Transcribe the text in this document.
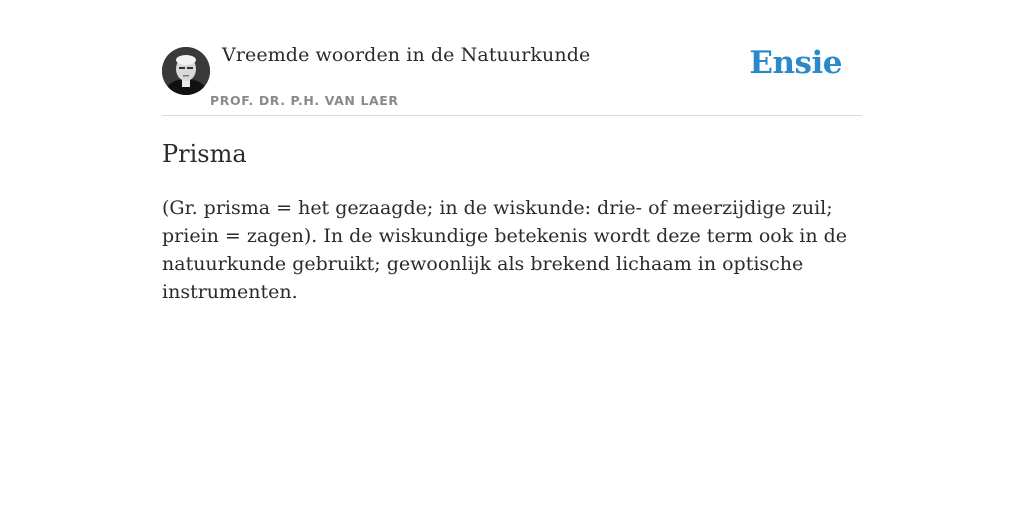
Vreemde woorden in de Natuurkunde
PROF. DR. P.H. VAN LAER
Ensie
Prisma

(Gr. prisma = het gezaagde; in de wiskunde: drie- of meerzijdige zuil; priein = zagen). In de wiskundige betekenis wordt deze term ook in de natuurkunde gebruikt; gewoonlijk als brekend lichaam in optische instrumenten.
